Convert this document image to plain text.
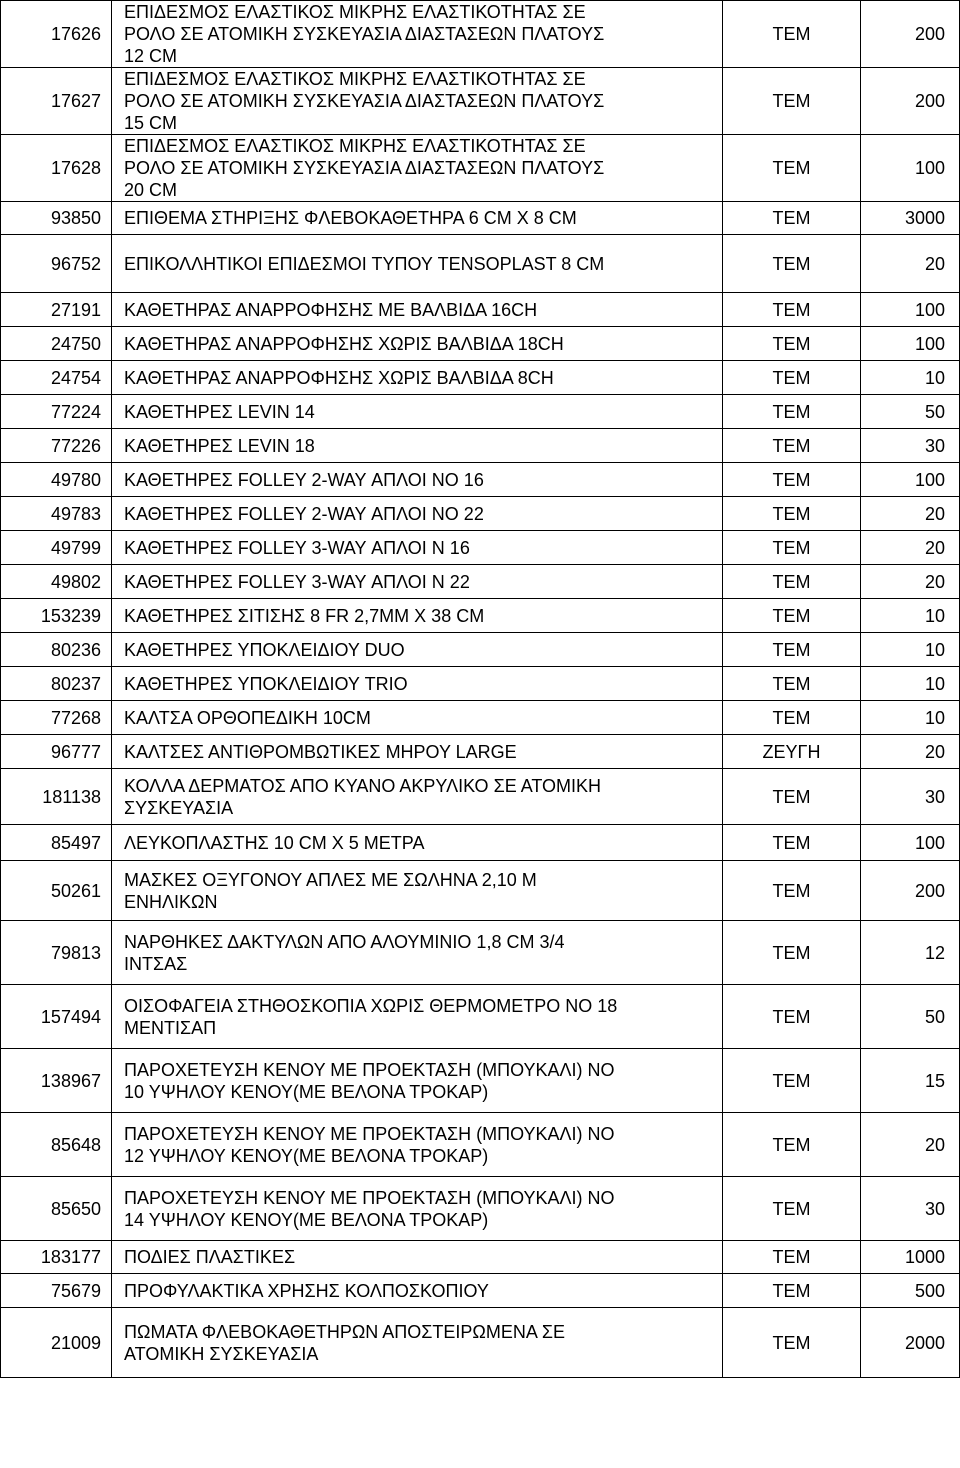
17626	ΕΠΙΔΕΣΜΟΣ ΕΛΑΣΤΙΚΟΣ ΜΙΚΡΗΣ ΕΛΑΣΤΙΚΟΤΗΤΑΣ ΣΕ
ΡΟΛΟ ΣΕ ΑΤΟΜΙΚΗ ΣΥΣΚΕΥΑΣΙΑ ΔΙΑΣΤΑΣΕΩΝ ΠΛΑΤΟΥΣ
12 CM	ΤΕΜ	200
17627	ΕΠΙΔΕΣΜΟΣ ΕΛΑΣΤΙΚΟΣ ΜΙΚΡΗΣ ΕΛΑΣΤΙΚΟΤΗΤΑΣ ΣΕ
ΡΟΛΟ ΣΕ ΑΤΟΜΙΚΗ ΣΥΣΚΕΥΑΣΙΑ ΔΙΑΣΤΑΣΕΩΝ ΠΛΑΤΟΥΣ
15 CM	ΤΕΜ	200
17628	ΕΠΙΔΕΣΜΟΣ ΕΛΑΣΤΙΚΟΣ ΜΙΚΡΗΣ ΕΛΑΣΤΙΚΟΤΗΤΑΣ ΣΕ
ΡΟΛΟ ΣΕ ΑΤΟΜΙΚΗ ΣΥΣΚΕΥΑΣΙΑ ΔΙΑΣΤΑΣΕΩΝ ΠΛΑΤΟΥΣ
20 CM	ΤΕΜ	100
93850	ΕΠΙΘΕΜΑ ΣΤΗΡΙΞΗΣ ΦΛΕΒΟΚΑΘΕΤΗΡΑ 6 CM X 8 CM	ΤΕΜ	3000
96752	ΕΠΙΚΟΛΛΗΤΙΚΟΙ ΕΠΙΔΕΣΜΟΙ ΤΥΠΟΥ TENSOPLAST 8 CM	ΤΕΜ	20
27191	ΚΑΘΕΤΗΡΑΣ ΑΝΑΡΡΟΦΗΣΗΣ ΜΕ ΒΑΛΒΙΔΑ 16CH	ΤΕΜ	100
24750	ΚΑΘΕΤΗΡΑΣ ΑΝΑΡΡΟΦΗΣΗΣ ΧΩΡΙΣ ΒΑΛΒΙΔΑ 18CH	ΤΕΜ	100
24754	ΚΑΘΕΤΗΡΑΣ ΑΝΑΡΡΟΦΗΣΗΣ ΧΩΡΙΣ ΒΑΛΒΙΔΑ 8CH	ΤΕΜ	10
77224	ΚΑΘΕΤΗΡΕΣ LEVIN 14	ΤΕΜ	50
77226	ΚΑΘΕΤΗΡΕΣ LEVIN 18	ΤΕΜ	30
49780	ΚΑΘΕΤΗΡΕΣ FOLLEY 2-WAY ΑΠΛΟΙ ΝΟ 16	ΤΕΜ	100
49783	ΚΑΘΕΤΗΡΕΣ FOLLEY 2-WAY ΑΠΛΟΙ ΝΟ 22	ΤΕΜ	20
49799	ΚΑΘΕΤΗΡΕΣ FOLLEY 3-WAY ΑΠΛΟΙ Ν 16	ΤΕΜ	20
49802	ΚΑΘΕΤΗΡΕΣ FOLLEY 3-WAY ΑΠΛΟΙ Ν 22	ΤΕΜ	20
153239	ΚΑΘΕΤΗΡΕΣ ΣΙΤΙΣΗΣ 8 FR 2,7MM X 38 CM	ΤΕΜ	10
80236	ΚΑΘΕΤΗΡΕΣ ΥΠΟΚΛΕΙΔΙΟΥ DUO	ΤΕΜ	10
80237	ΚΑΘΕΤΗΡΕΣ ΥΠΟΚΛΕΙΔΙΟΥ TRIO	ΤΕΜ	10
77268	ΚΑΛΤΣΑ ΟΡΘΟΠΕΔΙΚΗ 10CM	ΤΕΜ	10
96777	ΚΑΛΤΣΕΣ ΑΝΤΙΘΡΟΜΒΩΤΙΚΕΣ ΜΗΡΟΥ LARGE	ΖΕΥΓΗ	20
181138	ΚΟΛΛΑ ΔΕΡΜΑΤΟΣ ΑΠΟ ΚΥΑΝΟ ΑΚΡΥΛΙΚΟ ΣΕ ΑΤΟΜΙΚΗ
ΣΥΣΚΕΥΑΣΙΑ	ΤΕΜ	30
85497	ΛΕΥΚΟΠΛΑΣΤΗΣ 10 CM X 5 ΜΕΤΡΑ	ΤΕΜ	100
50261	ΜΑΣΚΕΣ ΟΞΥΓΟΝΟΥ ΑΠΛΕΣ ΜΕ ΣΩΛΗΝΑ 2,10 Μ
ΕΝΗΛΙΚΩΝ	ΤΕΜ	200
79813	ΝΑΡΘΗΚΕΣ ΔΑΚΤΥΛΩΝ ΑΠΟ ΑΛΟΥΜΙΝΙΟ 1,8 CM 3/4
ΙΝΤΣΑΣ	ΤΕΜ	12
157494	ΟΙΣΟΦΑΓΕΙΑ ΣΤΗΘΟΣΚΟΠΙΑ ΧΩΡΙΣ ΘΕΡΜΟΜΕΤΡΟ ΝΟ 18
ΜΕΝΤΙΣΑΠ	ΤΕΜ	50
138967	ΠΑΡΟΧΕΤΕΥΣΗ ΚΕΝΟΥ ΜΕ ΠΡΟΕΚΤΑΣΗ (ΜΠΟΥΚΑΛΙ) ΝΟ
10 ΥΨΗΛΟΥ ΚΕΝΟΥ(ΜΕ ΒΕΛΟΝΑ ΤΡΟΚΑΡ)	ΤΕΜ	15
85648	ΠΑΡΟΧΕΤΕΥΣΗ ΚΕΝΟΥ ΜΕ ΠΡΟΕΚΤΑΣΗ (ΜΠΟΥΚΑΛΙ) ΝΟ
12 ΥΨΗΛΟΥ ΚΕΝΟΥ(ΜΕ ΒΕΛΟΝΑ ΤΡΟΚΑΡ)	ΤΕΜ	20
85650	ΠΑΡΟΧΕΤΕΥΣΗ ΚΕΝΟΥ ΜΕ ΠΡΟΕΚΤΑΣΗ (ΜΠΟΥΚΑΛΙ) ΝΟ
14 ΥΨΗΛΟΥ ΚΕΝΟΥ(ΜΕ ΒΕΛΟΝΑ ΤΡΟΚΑΡ)	ΤΕΜ	30
183177	ΠΟΔΙΕΣ ΠΛΑΣΤΙΚΕΣ	ΤΕΜ	1000
75679	ΠΡΟΦΥΛΑΚΤΙΚΑ ΧΡΗΣΗΣ ΚΟΛΠΟΣΚΟΠΙΟΥ	ΤΕΜ	500
21009	ΠΩΜΑΤΑ ΦΛΕΒΟΚΑΘΕΤΗΡΩΝ ΑΠΟΣΤΕΙΡΩΜΕΝΑ ΣΕ
ΑΤΟΜΙΚΗ ΣΥΣΚΕΥΑΣΙΑ	ΤΕΜ	2000
